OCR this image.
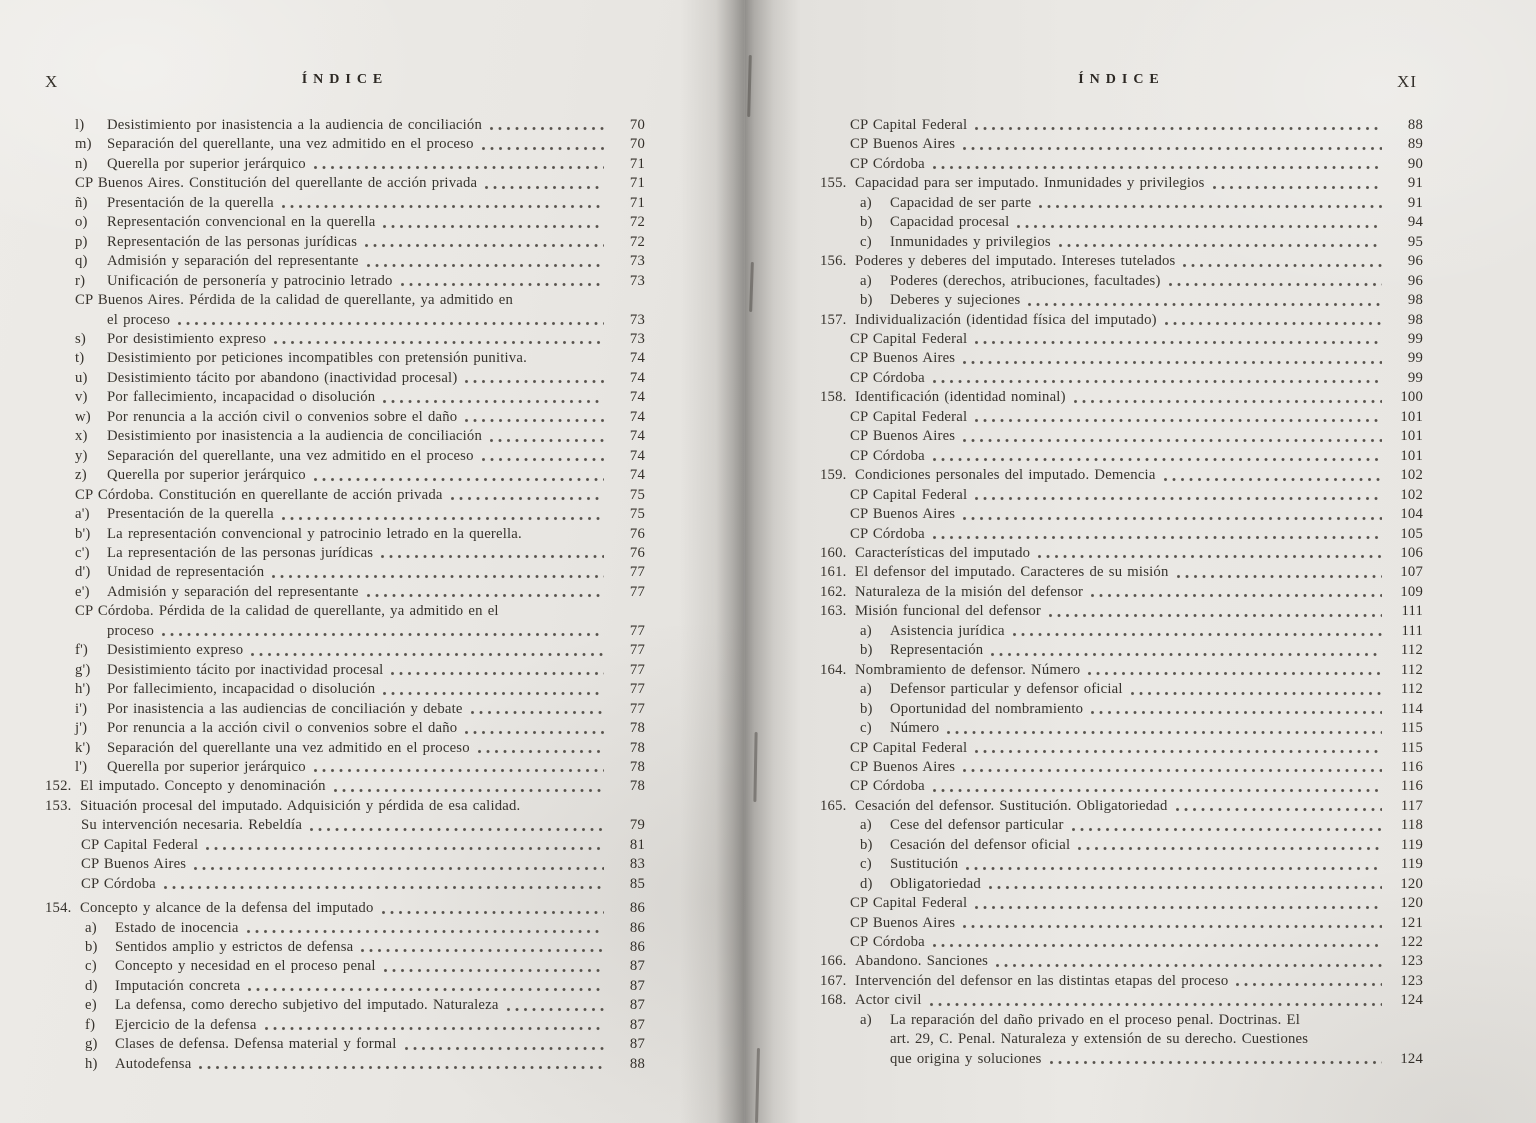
X	ÍNDICE
l)	Desistimiento por inasistencia a la audiencia de conciliación	70
m)	Separación del querellante, una vez admitido en el proceso	70
n)	Querella por superior jerárquico	71
CP Buenos Aires. Constitución del querellante de acción privada	71
ñ)	Presentación de la querella	71
o)	Representación convencional en la querella	72
p)	Representación de las personas jurídicas	72
q)	Admisión y separación del representante	73
r)	Unificación de personería y patrocinio letrado	73
CP Buenos Aires. Pérdida de la calidad de querellante, ya admitido en
el proceso	73
s)	Por desistimiento expreso	73
t)	Desistimiento por peticiones incompatibles con pretensión punitiva.	74
u)	Desistimiento tácito por abandono (inactividad procesal)	74
v)	Por fallecimiento, incapacidad o disolución	74
w)	Por renuncia a la acción civil o convenios sobre el daño	74
x)	Desistimiento por inasistencia a la audiencia de conciliación	74
y)	Separación del querellante, una vez admitido en el proceso	74
z)	Querella por superior jerárquico	74
CP Córdoba. Constitución en querellante de acción privada	75
a')	Presentación de la querella	75
b')	La representación convencional y patrocinio letrado en la querella.	76
c')	La representación de las personas jurídicas	76
d')	Unidad de representación	77
e')	Admisión y separación del representante	77
CP Córdoba. Pérdida de la calidad de querellante, ya admitido en el
proceso	77
f')	Desistimiento expreso	77
g')	Desistimiento tácito por inactividad procesal	77
h')	Por fallecimiento, incapacidad o disolución	77
i')	Por inasistencia a las audiencias de conciliación y debate	77
j')	Por renuncia a la acción civil o convenios sobre el daño	78
k')	Separación del querellante una vez admitido en el proceso	78
l')	Querella por superior jerárquico	78
152. El imputado. Concepto y denominación	78
153. Situación procesal del imputado. Adquisición y pérdida de esa calidad.
Su intervención necesaria. Rebeldía	79
CP Capital Federal	81
CP Buenos Aires	83
CP Córdoba	85
154. Concepto y alcance de la defensa del imputado	86
a)	Estado de inocencia	86
b)	Sentidos amplio y estrictos de defensa	86
c)	Concepto y necesidad en el proceso penal	87
d)	Imputación concreta	87
e)	La defensa, como derecho subjetivo del imputado. Naturaleza	87
f)	Ejercicio de la defensa	87
g)	Clases de defensa. Defensa material y formal	87
h)	Autodefensa	88
ÍNDICE	XI
CP Capital Federal	88
CP Buenos Aires	89
CP Córdoba	90
155. Capacidad para ser imputado. Inmunidades y privilegios	91
a)	Capacidad de ser parte	91
b)	Capacidad procesal	94
c)	Inmunidades y privilegios	95
156. Poderes y deberes del imputado. Intereses tutelados	96
a)	Poderes (derechos, atribuciones, facultades)	96
b)	Deberes y sujeciones	98
157. Individualización (identidad física del imputado)	98
CP Capital Federal	99
CP Buenos Aires	99
CP Córdoba	99
158. Identificación (identidad nominal)	100
CP Capital Federal	101
CP Buenos Aires	101
CP Córdoba	101
159. Condiciones personales del imputado. Demencia	102
CP Capital Federal	102
CP Buenos Aires	104
CP Córdoba	105
160. Características del imputado	106
161. El defensor del imputado. Caracteres de su misión	107
162. Naturaleza de la misión del defensor	109
163. Misión funcional del defensor	111
a)	Asistencia jurídica	111
b)	Representación	112
164. Nombramiento de defensor. Número	112
a)	Defensor particular y defensor oficial	112
b)	Oportunidad del nombramiento	114
c)	Número	115
CP Capital Federal	115
CP Buenos Aires	116
CP Córdoba	116
165. Cesación del defensor. Sustitución. Obligatoriedad	117
a)	Cese del defensor particular	118
b)	Cesación del defensor oficial	119
c)	Sustitución	119
d)	Obligatoriedad	120
CP Capital Federal	120
CP Buenos Aires	121
CP Córdoba	122
166. Abandono. Sanciones	123
167. Intervención del defensor en las distintas etapas del proceso	123
168. Actor civil	124
a)	La reparación del daño privado en el proceso penal. Doctrinas. El
art. 29, C. Penal. Naturaleza y extensión de su derecho. Cuestiones
que origina y soluciones	124
